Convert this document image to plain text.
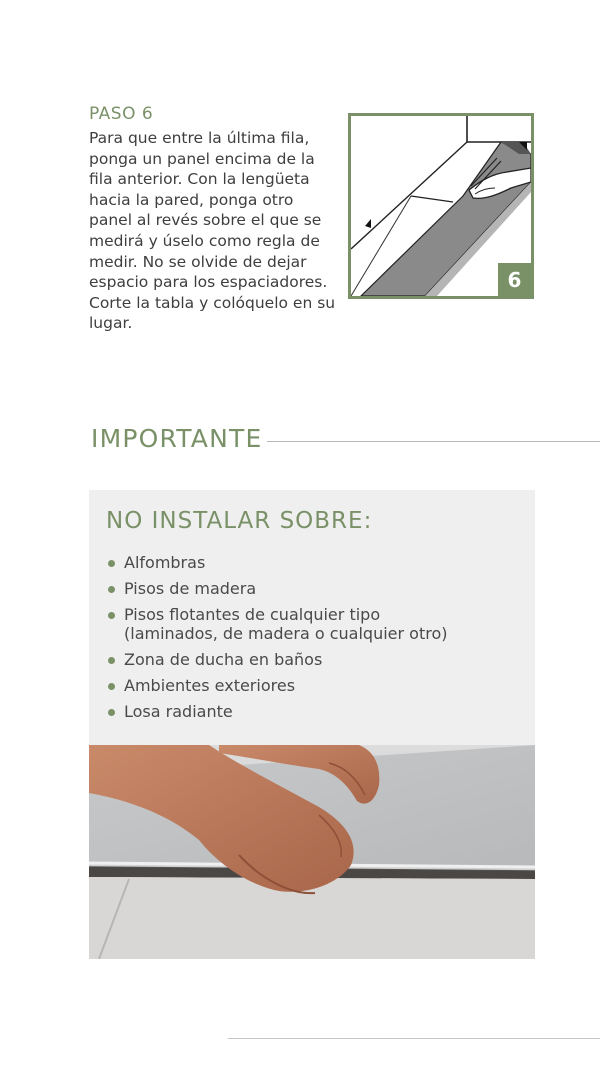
PASO 6

Para que entre la última fila,
ponga un panel encima de la
fila anterior. Con la lengüeta
hacia la pared, ponga otro
panel al revés sobre el que se
medirá y úselo como regla de
medir. No se olvide de dejar
espacio para los espaciadores.
Corte la tabla y colóquelo en su
lugar.

6
IMPORTANTE
NO INSTALAR SOBRE:
Alfombras
Pisos de madera
Pisos flotantes de cualquier tipo
(laminados, de madera o cualquier otro)
Zona de ducha en baños
Ambientes exteriores
Losa radiante
